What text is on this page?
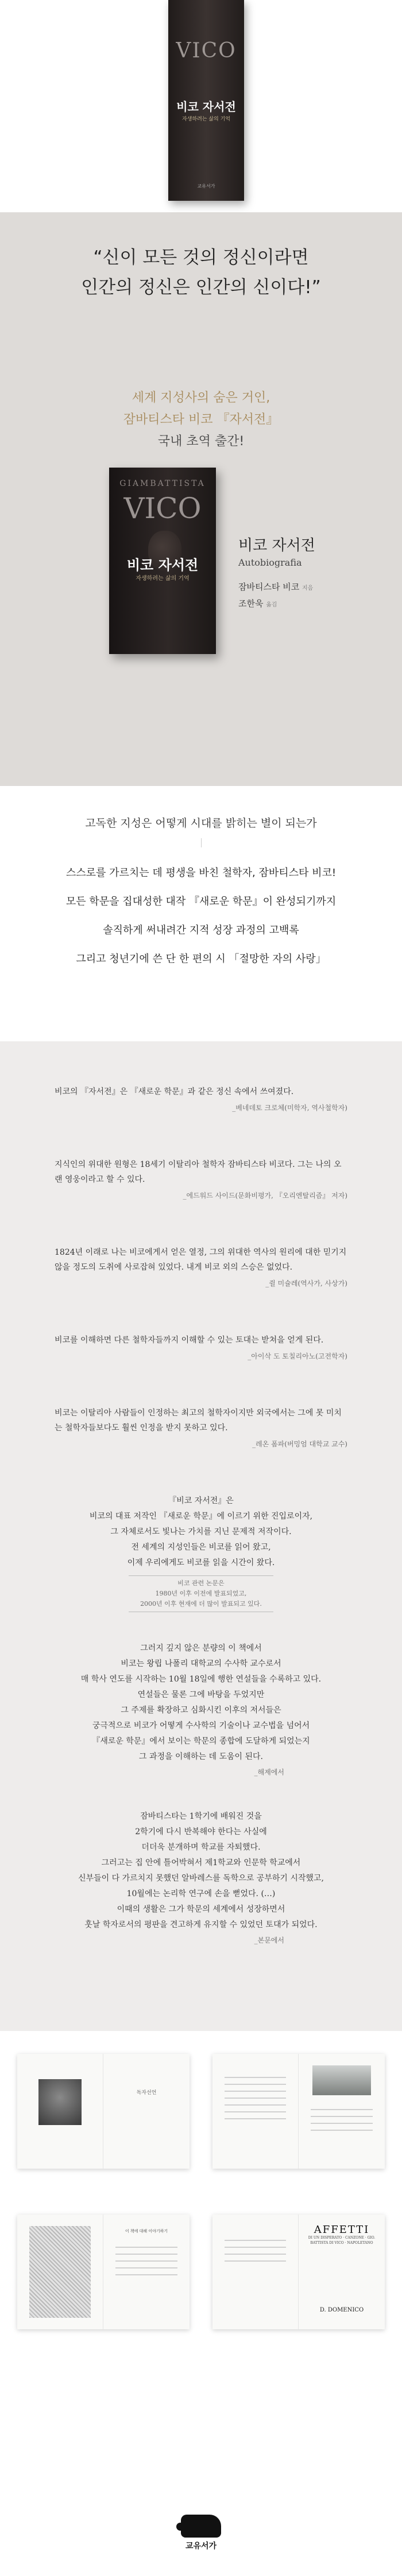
VICO
비코 자서전
자생하려는 삶의 기억
교유서가
“신이 모든 것의 정신이라면
인간의 정신은 인간의 신이다!”
세계 지성사의 숨은 거인,
잠바티스타 비코 『자서전』
국내 초역 출간!
GIAMBATTISTA
VICO
비코 자서전
자생하려는 삶의 기억
비코 자서전
Autobiografia
잠바티스타 비코 지음
조한욱 옮김
고독한 지성은 어떻게 시대를 밝히는 별이 되는가
스스로를 가르치는 데 평생을 바친 철학자, 잠바티스타 비코!
모든 학문을 집대성한 대작 『새로운 학문』이 완성되기까지
솔직하게 써내려간 지적 성장 과정의 고백록
그리고 청년기에 쓴 단 한 편의 시 「절망한 자의 사랑」

비코의 『자서전』은 『새로운 학문』과 같은 정신 속에서 쓰여졌다.

_베네데토 크로체(미학자, 역사철학자)

지식인의 위대한 원형은 18세기 이탈리아 철학자 잠바티스타 비코다. 그는 나의 오랜 영웅이라고 할 수 있다.

_에드워드 사이드(문화비평가, 『오리엔탈리즘』 저자)

1824년 이래로 나는 비코에게서 얻은 열정, 그의 위대한 역사의 원리에 대한 믿기지 않을 정도의 도취에 사로잡혀 있었다. 내게 비코 외의 스승은 없었다.

_쥘 미슐레(역사가, 사상가)

비코를 이해하면 다른 철학자들까지 이해할 수 있는 토대는 받쳐을 얻게 된다.

_아이삭 도 토칠리아노(고전학자)

비코는 이탈리아 사람들이 인정하는 최고의 철학자이지만 외국에서는 그에 못 미치는 철학자들보다도 훨씬 인정을 받지 못하고 있다.

_레온 폼파(버밍엄 대학교 교수)
『비코 자서전』은
비코의 대표 저작인 『새로운 학문』에 이르기 위한 진입로이자,
그 자체로서도 빛나는 가치를 지닌 문제적 저작이다.
전 세계의 지성인들은 비코를 읽어 왔고,
이제 우리에게도 비코를 읽을 시간이 왔다.
비코 관련 논문은
1980년 이후 이전에 발표되었고,
2000년 이후 현재에 더 많이 발표되고 있다.
그러지 깊지 않은 분량의 이 책에서
비코는 왕립 나폴리 대학교의 수사학 교수로서
매 학사 연도를 시작하는 10월 18일에 행한 연설들을 수록하고 있다.
연설들은 물론 그에 바탕을 두었지만
그 주제를 확장하고 심화시킨 이후의 저서들은
궁극적으로 비코가 어떻게 수사학의 기술이나 교수법을 넘어서
『새로운 학문』에서 보이는 학문의 종합에 도달하게 되었는지
그 과정을 이해하는 데 도움이 된다.
_해제에서
잠바티스타는 1학기에 배워진 것을
2학기에 다시 반복해야 한다는 사실에
더더욱 분개하며 학교를 자퇴했다.
그러고는 집 안에 틀어박혀서 제1학교와 인문학 학교에서
신부들이 다 가르치지 못했던 알바레스를 독학으로 공부하기 시작했고,
10월에는 논리학 연구에 손을 뻗었다. (…)
이때의 생활은 그가 학문의 세계에서 성장하면서
훗날 학자로서의 평판을 견고하게 유지할 수 있었던 토대가 되었다.
_본문에서
독자선언
이 책에 대해 이야기하기	AFFETTI
DI UN DISPERATO · CANZONE · GIO. BATTISTA DI VICO · NAPOLETANO
D. DOMENICO
교유서가
